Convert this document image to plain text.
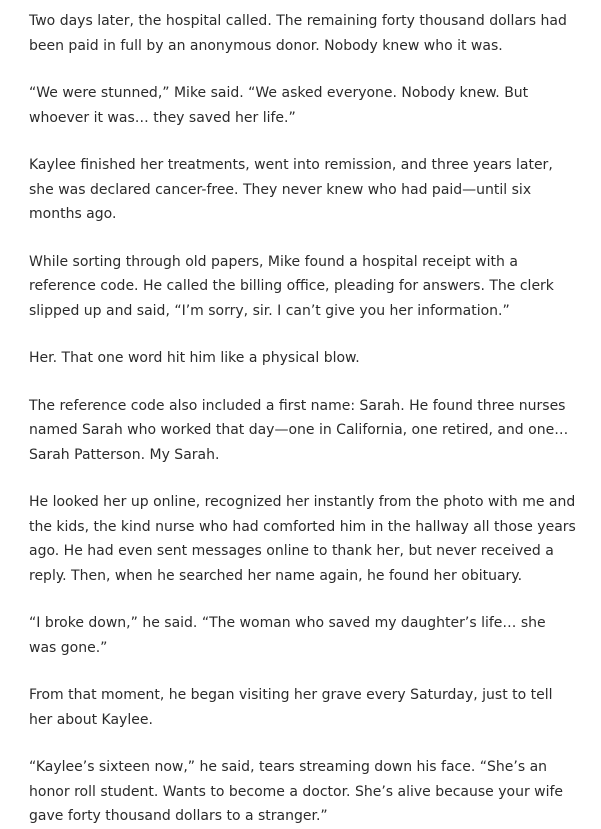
Two days later, the hospital called. The remaining forty thousand dollars had been paid in full by an anonymous donor. Nobody knew who it was.

“We were stunned,” Mike said. “We asked everyone. Nobody knew. But whoever it was… they saved her life.”

Kaylee finished her treatments, went into remission, and three years later, she was declared cancer-free. They never knew who had paid—until six months ago.

While sorting through old papers, Mike found a hospital receipt with a reference code. He called the billing office, pleading for answers. The clerk slipped up and said, “I’m sorry, sir. I can’t give you her information.”

Her. That one word hit him like a physical blow.

The reference code also included a first name: Sarah. He found three nurses named Sarah who worked that day—one in California, one retired, and one… Sarah Patterson. My Sarah.

He looked her up online, recognized her instantly from the photo with me and the kids, the kind nurse who had comforted him in the hallway all those years ago. He had even sent messages online to thank her, but never received a reply. Then, when he searched her name again, he found her obituary.

“I broke down,” he said. “The woman who saved my daughter’s life… she was gone.”

From that moment, he began visiting her grave every Saturday, just to tell her about Kaylee.

“Kaylee’s sixteen now,” he said, tears streaming down his face. “She’s an honor roll student. Wants to become a doctor. She’s alive because your wife gave forty thousand dollars to a stranger.”
